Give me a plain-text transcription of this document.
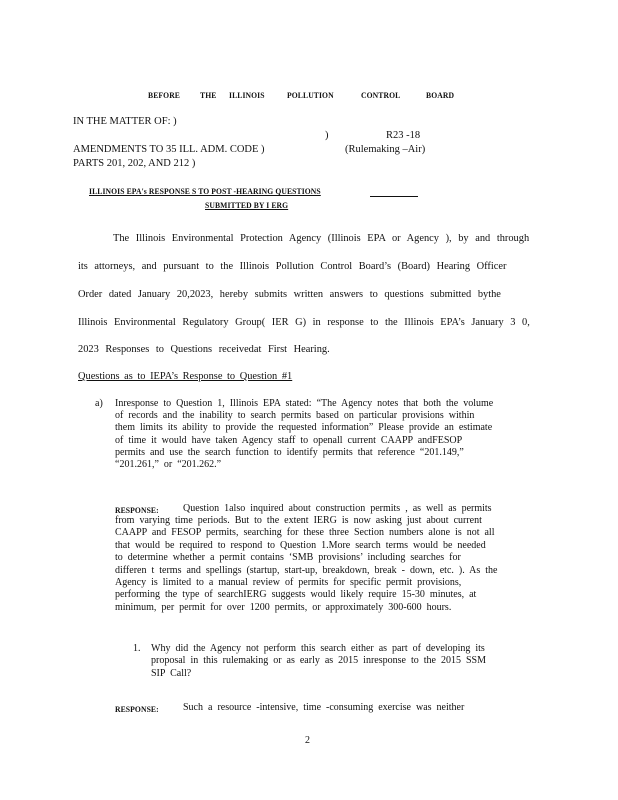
BEFORE THE ILLINOIS	POLLUTION	CONTROL	BOARD
IN THE MATTER OF: )
)	R23 -18
AMENDMENTS TO 35 ILL. ADM. CODE )	(Rulemaking –Air)
PARTS 201, 202, AND 212 )
ILLINOIS EPA's RESPONSE S TO POST -HEARING QUESTIONS
SUBMITTED BY I ERG
The Illinois Environmental Protection Agency (Illinois EPA or Agency ), by and through
its attorneys, and pursuant to the Illinois Pollution Control Board’s (Board) Hearing Officer
Order dated January 20,2023, hereby submits written answers to questions submitted bythe
Illinois Environmental Regulatory Group( IER G) in response to the Illinois EPA’s January 3 0,
2023 Responses to Questions receivedat First Hearing.
Questions as to IEPA’s Response to Question #1
a) Inresponse to Question 1, Illinois EPA stated: “The Agency notes that both the volume
of records and the inability to search permits based on particular provisions within
them limits its ability to provide the requested information” Please provide an estimate
of time it would have taken Agency staff to openall current CAAPP andFESOP
permits and use the search function to identify permits that reference “201.149,”
“201.261,” or “201.262.”
RESPONSE: Question 1also inquired about construction permits , as well as permits
from varying time periods. But to the extent IERG is now asking just about current
CAAPP and FESOP permits, searching for these three Section numbers alone is not all
that would be required to respond to Question 1.More search terms would be needed
to determine whether a permit contains ‘SMB provisions’ including searches for
differen t terms and spellings (startup, start-up, breakdown, break - down, etc. ). As the
Agency is limited to a manual review of permits for specific permit provisions,
performing the type of searchIERG suggests would likely require 15-30 minutes, at
minimum, per permit for over 1200 permits, or approximately 300-600 hours.
1. Why did the Agency not perform this search either as part of developing its
proposal in this rulemaking or as early as 2015 inresponse to the 2015 SSM
SIP Call?
RESPONSE: Such a resource -intensive, time -consuming exercise was neither
2
